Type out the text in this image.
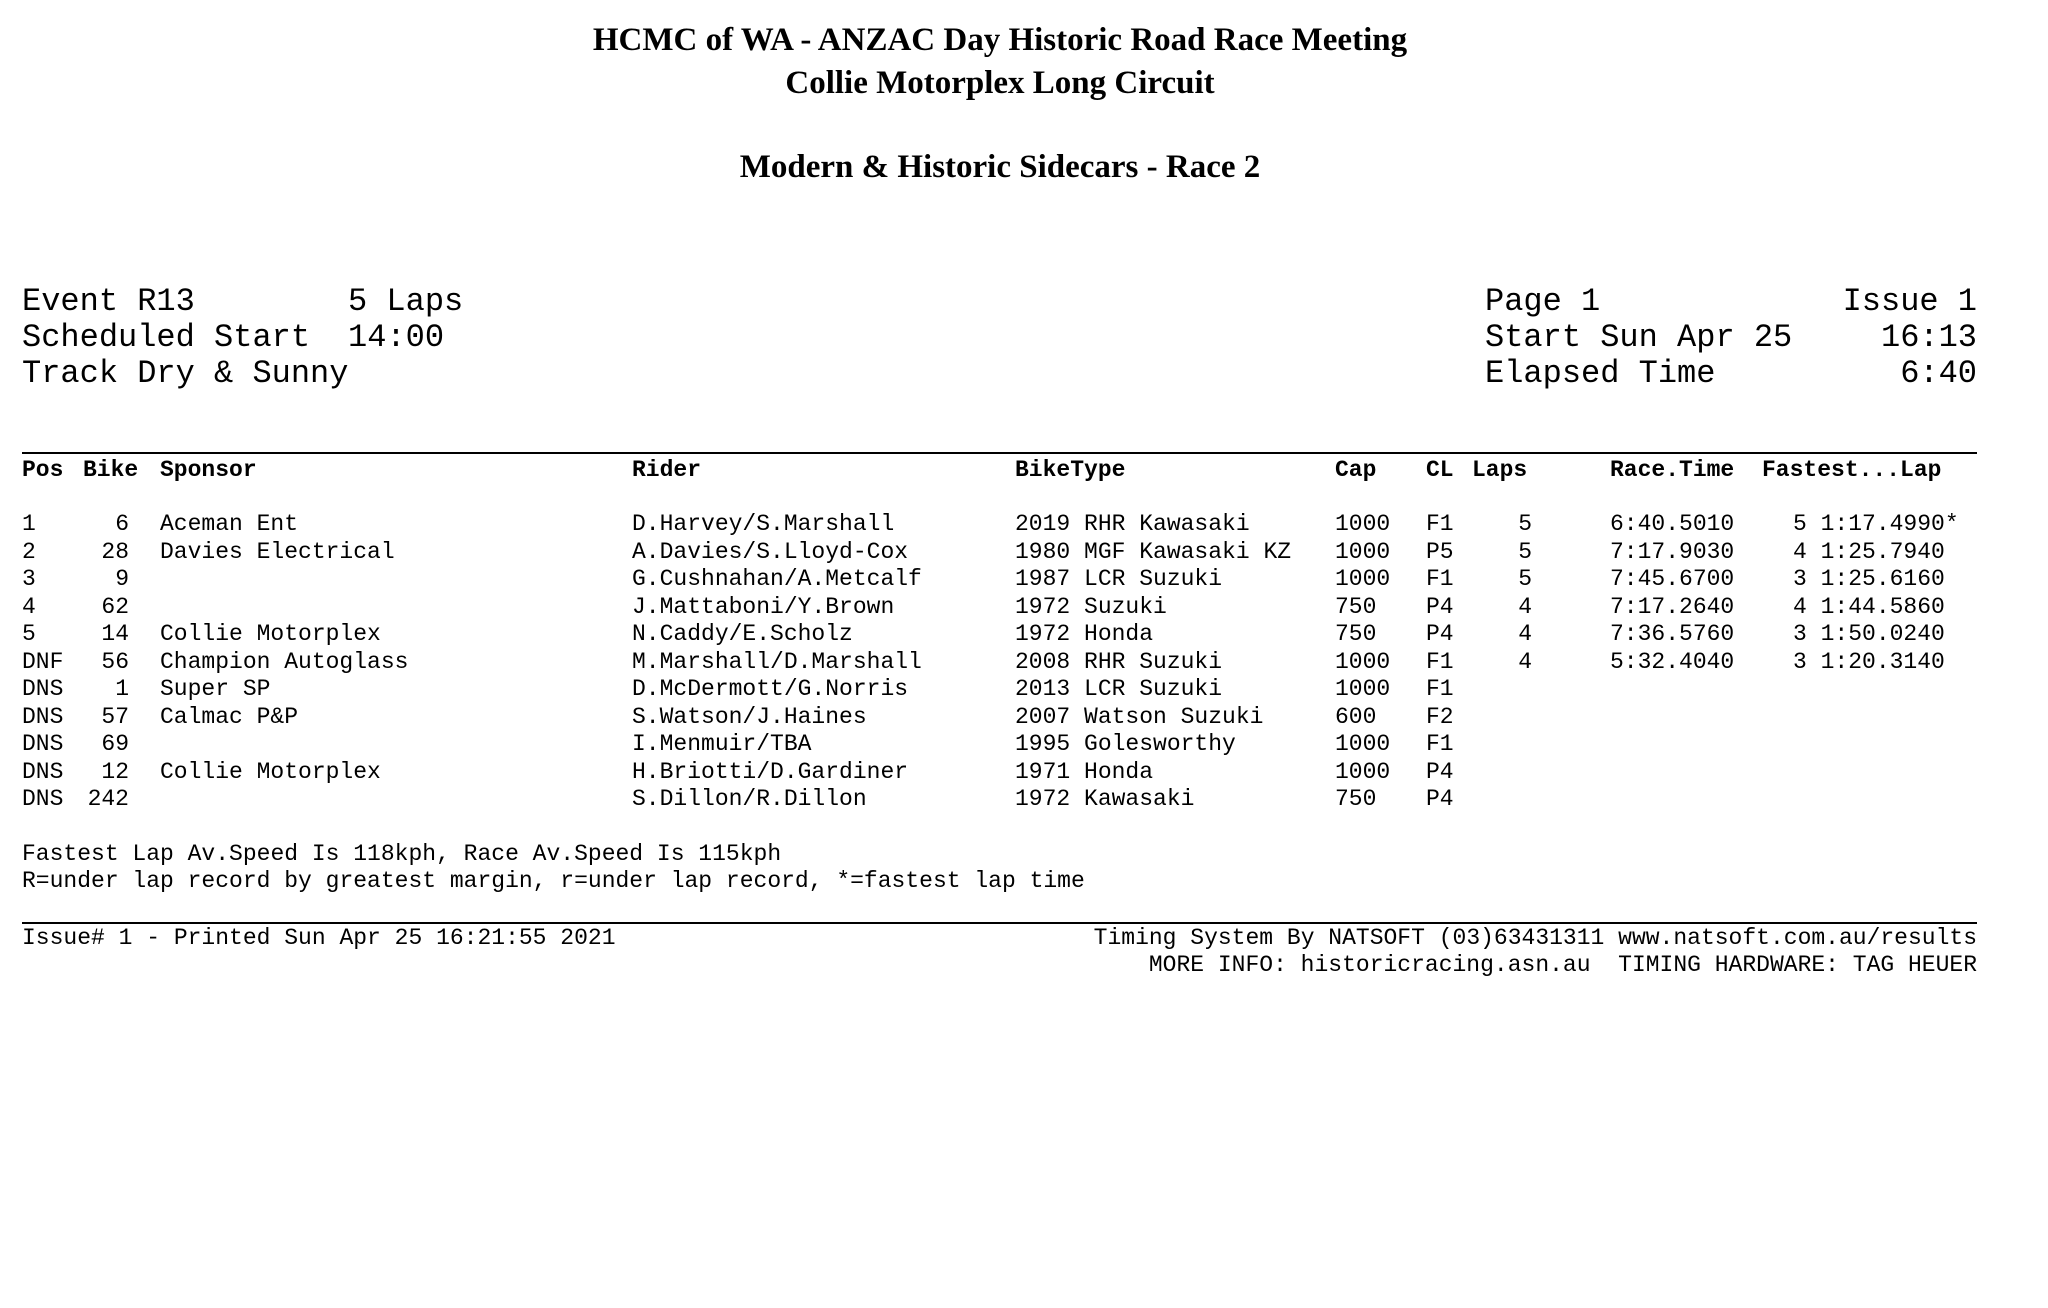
HCMC of WA - ANZAC Day Historic Road Race Meeting
Collie Motorplex Long Circuit
Modern & Historic Sidecars - Race 2
Event R13	5 Laps
Scheduled Start 14:00
Track Dry & Sunny
Page 1	Issue 1
Start Sun Apr 25	16:13
Elapsed Time	6:40
Pos Bike Sponsor	Rider	BikeType	Cap CL Laps	Race.Time Fastest...Lap
1	6 Aceman Ent	D.Harvey/S.Marshall	2019 RHR Kawasaki	1000 F1	5	6:40.5010	5 1:17.4990*
2	28 Davies Electrical	A.Davies/S.Lloyd-Cox	1980 MGF Kawasaki KZ 1000 P5	5	7:17.9030	4 1:25.7940
3	9	G.Cushnahan/A.Metcalf	1987 LCR Suzuki	1000 F1	5	7:45.6700	3 1:25.6160
4	62	J.Mattaboni/Y.Brown	1972 Suzuki	750 P4	4	7:17.2640	4 1:44.5860
5	14 Collie Motorplex	N.Caddy/E.Scholz	1972 Honda	750 P4	4	7:36.5760	3 1:50.0240
DNF	56 Champion Autoglass	M.Marshall/D.Marshall	2008 RHR Suzuki	1000 F1	4	5:32.4040	3 1:20.3140
DNS	1 Super SP	D.McDermott/G.Norris	2013 LCR Suzuki	1000 F1
DNS	57 Calmac P&P	S.Watson/J.Haines	2007 Watson Suzuki	600 F2
DNS	69	I.Menmuir/TBA	1995 Golesworthy	1000 F1
DNS	12 Collie Motorplex	H.Briotti/D.Gardiner	1971 Honda	1000 P4
DNS 242	S.Dillon/R.Dillon	1972 Kawasaki	750 P4
Fastest Lap Av.Speed Is 118kph, Race Av.Speed Is 115kph
R=under lap record by greatest margin, r=under lap record, *=fastest lap time
Issue# 1 - Printed Sun Apr 25 16:21:55 2021	Timing System By NATSOFT (03)63431311 www.natsoft.com.au/results
MORE INFO: historicracing.asn.au  TIMING HARDWARE: TAG HEUER
